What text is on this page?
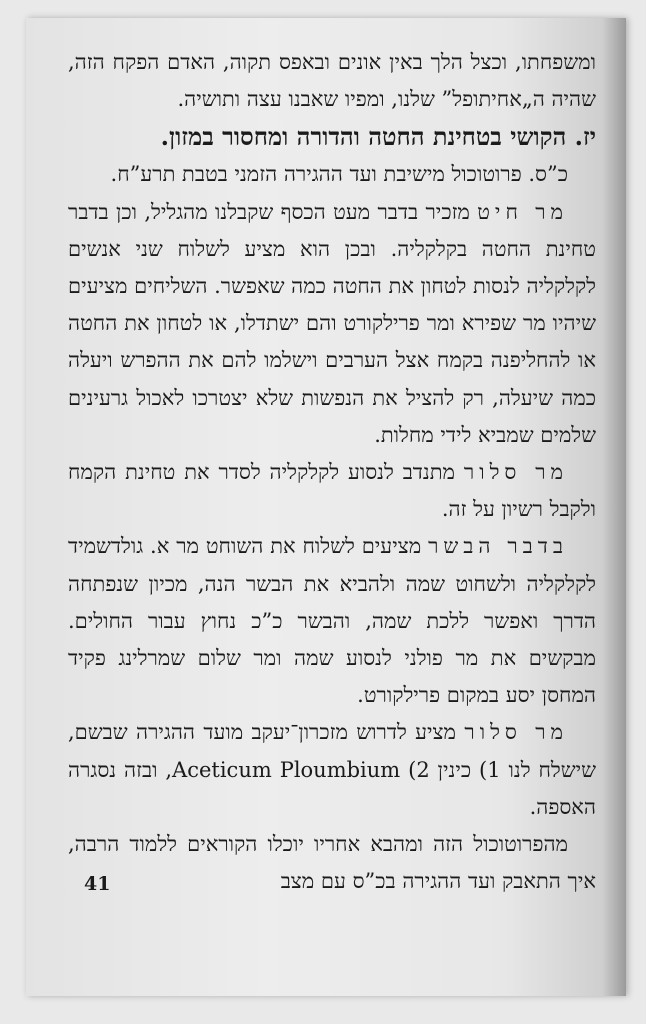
ומשפחתו, וכצל הלך באין אונים ובאפס תקוה, האדם הפקח הזה, שהיה ה„אחיתופל” שלנו, ומפיו שאבנו עצה ותושיה.

יז. הקושי בטחינת החטה והדורה ומחסור במזון.

כ”ס. פרוטוכול מישיבת ועד ההגירה הזמני בטבת תרע”ח.

מר חיט מזכיר בדבר מעט הכסף שקבלנו מהגליל, וכן בדבר טחינת החטה בקלקליה. ובכן הוא מציע לשלוח שני אנשים לקלקליה לנסות לטחון את החטה כמה שאפשר. השליחים מציעים שיהיו מר שפירא ומר פרילקורט והם ישתדלו, או לטחון את החטה או להחליפנה בקמח אצל הערבים וישלמו להם את ההפרש ויעלה כמה שיעלה, רק להציל את הנפשות שלא יצטרכו לאכול גרעינים שלמים שמביא לידי מחלות.

מר סלור מתנדב לנסוע לקלקליה לסדר את טחינת הקמח ולקבל רשיון על זה.

בדבר הבשר מציעים לשלוח את השוחט מר א. גולדשמיד לקלקליה ולשחוט שמה ולהביא את הבשר הנה, מכיון שנפתחה הדרך ואפשר ללכת שמה, והבשר כ”כ נחוץ עבור החולים. מבקשים את מר פולני לנסוע שמה ומר שלום שמרלינג פקיד המחסן יסע במקום פרילקורט.

מר סלור מציע לדרוש מזכרון־יעקב מועד ההגירה שבשם, שישלח לנו 1) כינין 2) Ploumbium Aceticum, ובזה נסגרה האספה.

מהפרוטוכול הזה ומהבא אחריו יוכלו הקוראים ללמוד הרבה, איך התאבק ועד ההגירה בכ”ס עם מצב

41
